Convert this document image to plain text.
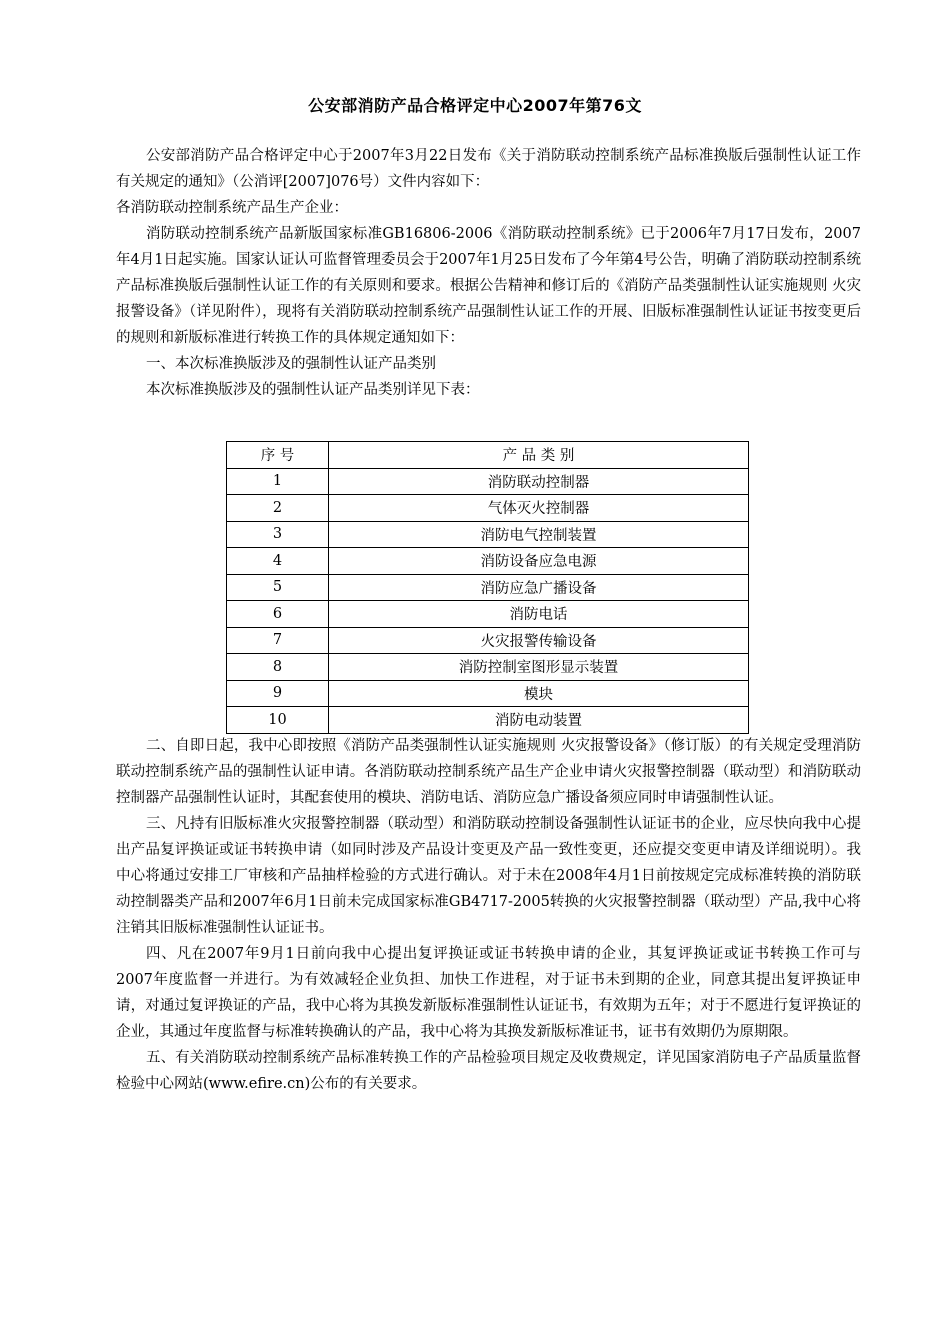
公安部消防产品合格评定中心2007年第76文

公安部消防产品合格评定中心于2007年3月22日发布《关于消防联动控制系统产品标准换版后强制性认证工作有关规定的通知》（公消评[2007]076号）文件内容如下：

各消防联动控制系统产品生产企业：

消防联动控制系统产品新版国家标准GB16806-2006《消防联动控制系统》已于2006年7月17日发布，2007年4月1日起实施。国家认证认可监督管理委员会于2007年1月25日发布了今年第4号公告，明确了消防联动控制系统产品标准换版后强制性认证工作的有关原则和要求。根据公告精神和修订后的《消防产品类强制性认证实施规则 火灾报警设备》（详见附件），现将有关消防联动控制系统产品强制性认证工作的开展、旧版标准强制性认证证书按变更后的规则和新版标准进行转换工作的具体规定通知如下：

一、本次标准换版涉及的强制性认证产品类别

本次标准换版涉及的强制性认证产品类别详见下表：

序 号	产 品 类 别
1	消防联动控制器
2	气体灭火控制器
3	消防电气控制装置
4	消防设备应急电源
5	消防应急广播设备
6	消防电话
7	火灾报警传输设备
8	消防控制室图形显示装置
9	模块
10	消防电动装置

二、自即日起，我中心即按照《消防产品类强制性认证实施规则 火灾报警设备》（修订版）的有关规定受理消防联动控制系统产品的强制性认证申请。各消防联动控制系统产品生产企业申请火灾报警控制器（联动型）和消防联动控制器产品强制性认证时，其配套使用的模块、消防电话、消防应急广播设备须应同时申请强制性认证。

三、凡持有旧版标准火灾报警控制器（联动型）和消防联动控制设备强制性认证证书的企业，应尽快向我中心提出产品复评换证或证书转换申请（如同时涉及产品设计变更及产品一致性变更，还应提交变更申请及详细说明）。我中心将通过安排工厂审核和产品抽样检验的方式进行确认。对于未在2008年4月1日前按规定完成标准转换的消防联动控制器类产品和2007年6月1日前未完成国家标准GB4717-2005转换的火灾报警控制器（联动型）产品,我中心将注销其旧版标准强制性认证证书。

四、凡在2007年9月1日前向我中心提出复评换证或证书转换申请的企业，其复评换证或证书转换工作可与2007年度监督一并进行。为有效减轻企业负担、加快工作进程，对于证书未到期的企业，同意其提出复评换证申请，对通过复评换证的产品，我中心将为其换发新版标准强制性认证证书，有效期为五年；对于不愿进行复评换证的企业，其通过年度监督与标准转换确认的产品，我中心将为其换发新版标准证书，证书有效期仍为原期限。

五、有关消防联动控制系统产品标准转换工作的产品检验项目规定及收费规定，详见国家消防电子产品质量监督检验中心网站(www.efire.cn)公布的有关要求。
